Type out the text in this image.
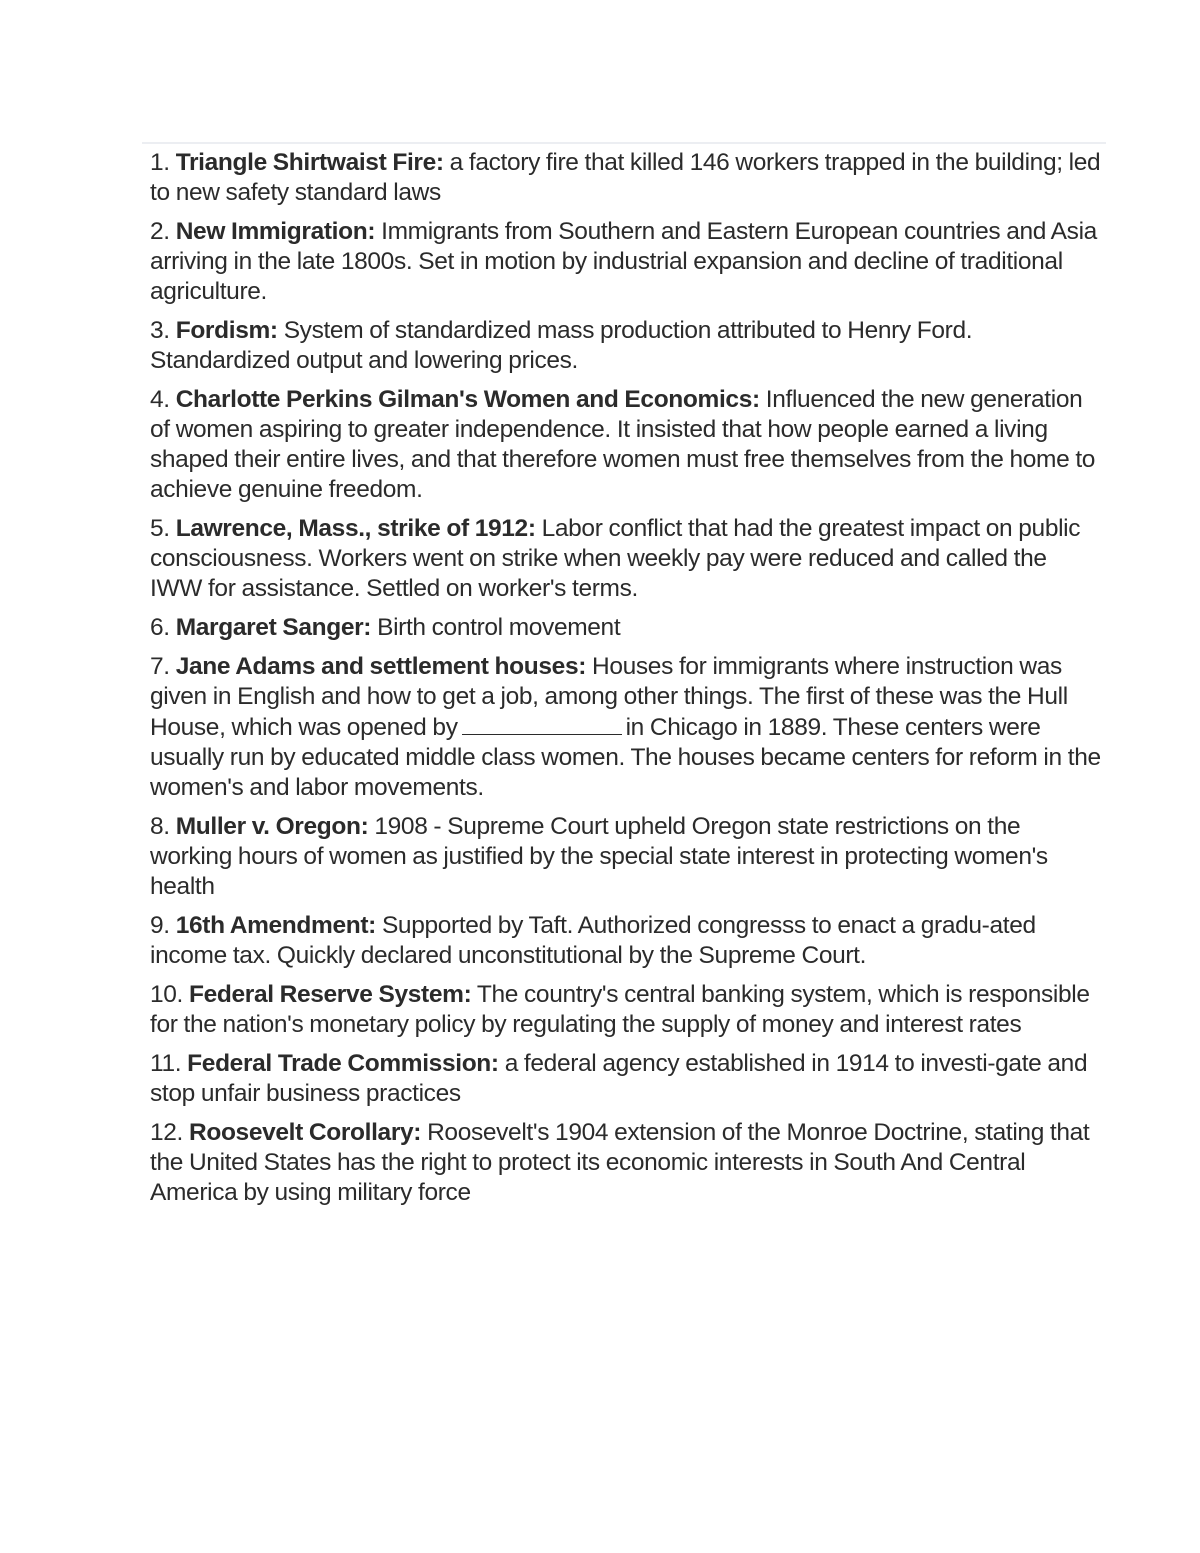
1. Triangle Shirtwaist Fire: a factory fire that killed 146 workers trapped in the building; led to new safety standard laws
2. New Immigration: Immigrants from Southern and Eastern European countries and Asia arriving in the late 1800s. Set in motion by industrial expansion and decline of traditional agriculture.
3. Fordism: System of standardized mass production attributed to Henry Ford. Standardized output and lowering prices.
4. Charlotte Perkins Gilman's Women and Economics: Influenced the new generation of women aspiring to greater independence. It insisted that how people earned a living shaped their entire lives, and that therefore women must free themselves from the home to achieve genuine freedom.
5. Lawrence, Mass., strike of 1912: Labor conflict that had the greatest impact on public consciousness. Workers went on strike when weekly pay were reduced and called the IWW for assistance. Settled on worker's terms.
6. Margaret Sanger: Birth control movement
7. Jane Adams and settlement houses: Houses for immigrants where instruction was given in English and how to get a job, among other things. The first of these was the Hull House, which was opened by	in Chicago in 1889. These centers were usually run by educated middle class women. The houses became centers for reform in the women's and labor movements.
8. Muller v. Oregon: 1908 - Supreme Court upheld Oregon state restrictions on the working hours of women as justified by the special state interest in protecting women's health
9. 16th Amendment: Supported by Taft. Authorized congresss to enact a gradu-ated income tax. Quickly declared unconstitutional by the Supreme Court.
10. Federal Reserve System: The country's central banking system, which is responsible for the nation's monetary policy by regulating the supply of money and interest rates
11. Federal Trade Commission: a federal agency established in 1914 to investi-gate and stop unfair business practices
12. Roosevelt Corollary: Roosevelt's 1904 extension of the Monroe Doctrine, stating that the United States has the right to protect its economic interests in South And Central America by using military force
